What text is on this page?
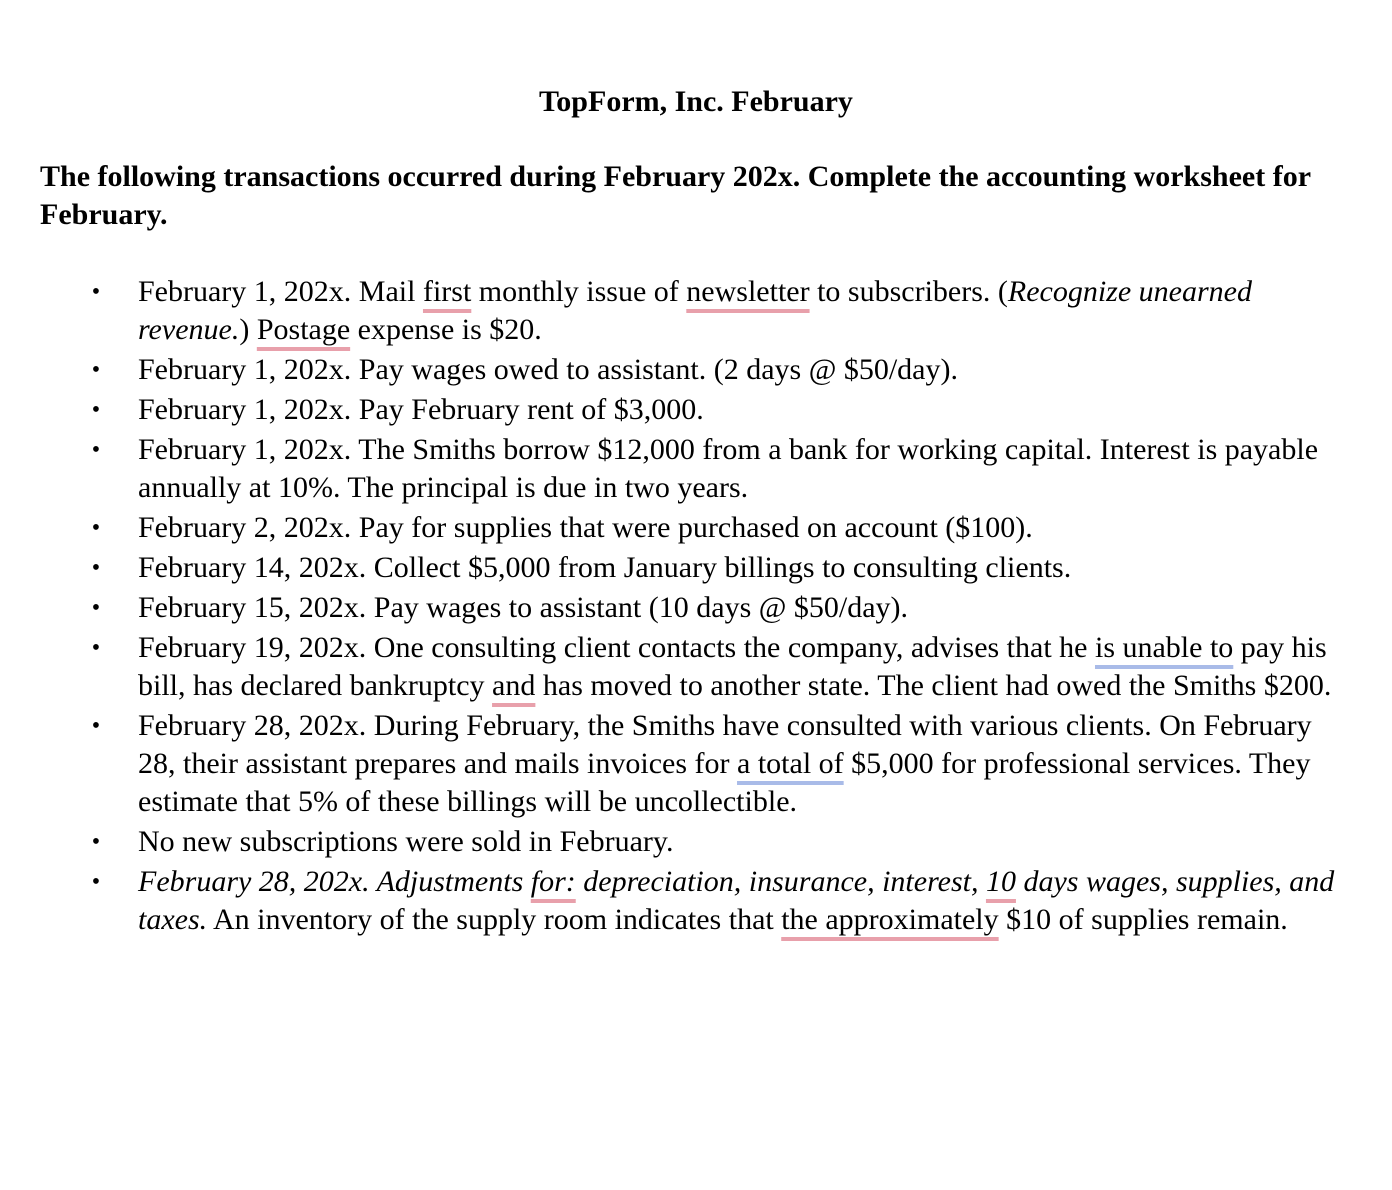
TopForm, Inc. February

The following transactions occurred during February 202x. Complete the accounting worksheet for February.

• February 1, 202x. Mail first monthly issue of newsletter to subscribers. (Recognize unearned revenue.) Postage expense is $20.
• February 1, 202x. Pay wages owed to assistant. (2 days @ $50/day).
• February 1, 202x. Pay February rent of $3,000.
• February 1, 202x. The Smiths borrow $12,000 from a bank for working capital. Interest is payable annually at 10%. The principal is due in two years.
• February 2, 202x. Pay for supplies that were purchased on account ($100).
• February 14, 202x. Collect $5,000 from January billings to consulting clients.
• February 15, 202x. Pay wages to assistant (10 days @ $50/day).
• February 19, 202x. One consulting client contacts the company, advises that he is unable to pay his bill, has declared bankruptcy and has moved to another state. The client had owed the Smiths $200.
• February 28, 202x. During February, the Smiths have consulted with various clients. On February 28, their assistant prepares and mails invoices for a total of $5,000 for professional services. They estimate that 5% of these billings will be uncollectible.
• No new subscriptions were sold in February.
• February 28, 202x. Adjustments for: depreciation, insurance, interest, 10 days wages, supplies, and taxes. An inventory of the supply room indicates that the approximately $10 of supplies remain.
